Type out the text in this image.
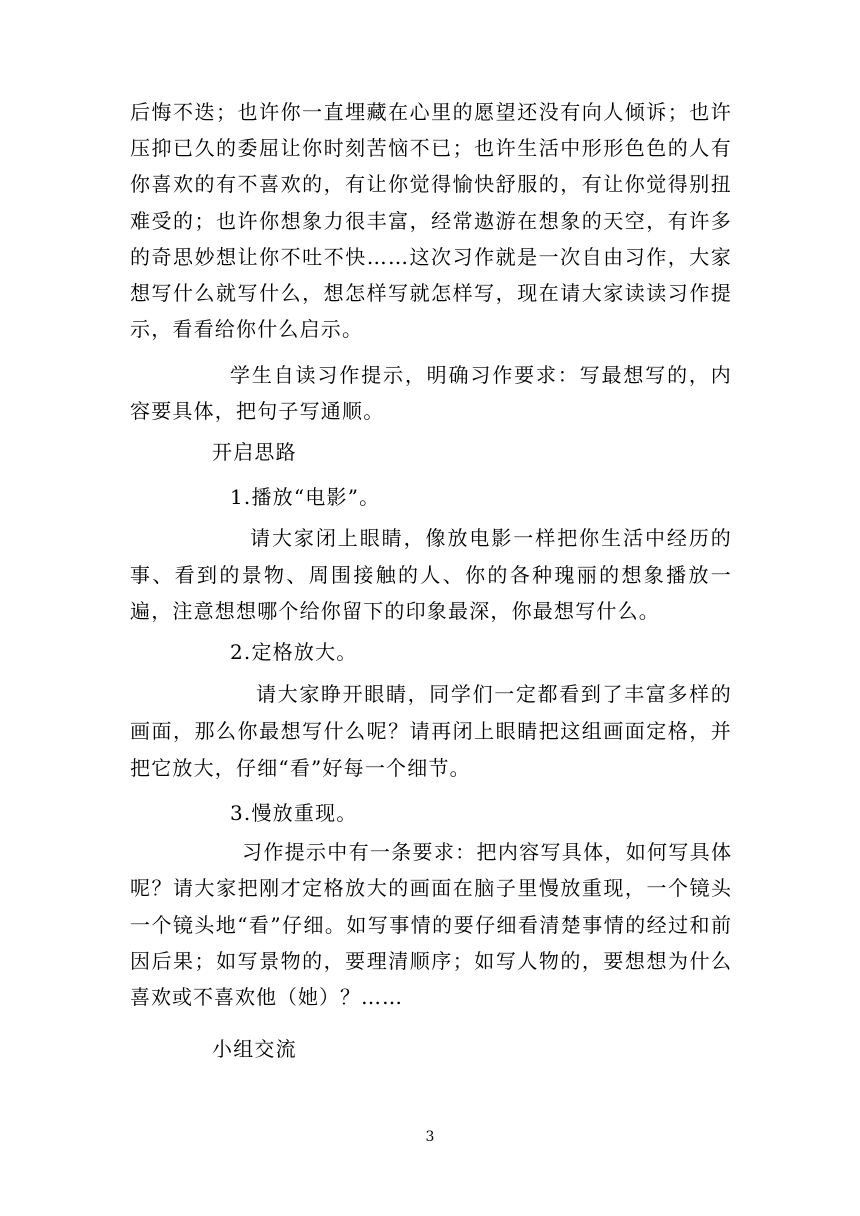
后悔不迭；也许你一直埋藏在心里的愿望还没有向人倾诉；也许压抑已久的委屈让你时刻苦恼不已；也许生活中形形色色的人有你喜欢的有不喜欢的，有让你觉得愉快舒服的，有让你觉得别扭难受的；也许你想象力很丰富，经常遨游在想象的天空，有许多的奇思妙想让你不吐不快……这次习作就是一次自由习作，大家想写什么就写什么，想怎样写就怎样写，现在请大家读读习作提示，看看给你什么启示。

学生自读习作提示，明确习作要求：写最想写的，内容要具体，把句子写通顺。

开启思路

1.播放“电影”。

请大家闭上眼睛，像放电影一样把你生活中经历的事、看到的景物、周围接触的人、你的各种瑰丽的想象播放一遍，注意想想哪个给你留下的印象最深，你最想写什么。

2.定格放大。

请大家睁开眼睛，同学们一定都看到了丰富多样的画面，那么你最想写什么呢？请再闭上眼睛把这组画面定格，并把它放大，仔细“看”好每一个细节。

3.慢放重现。

习作提示中有一条要求：把内容写具体，如何写具体呢？请大家把刚才定格放大的画面在脑子里慢放重现，一个镜头一个镜头地“看”仔细。如写事情的要仔细看清楚事情的经过和前因后果；如写景物的，要理清顺序；如写人物的，要想想为什么喜欢或不喜欢他（她）？……

小组交流

3
